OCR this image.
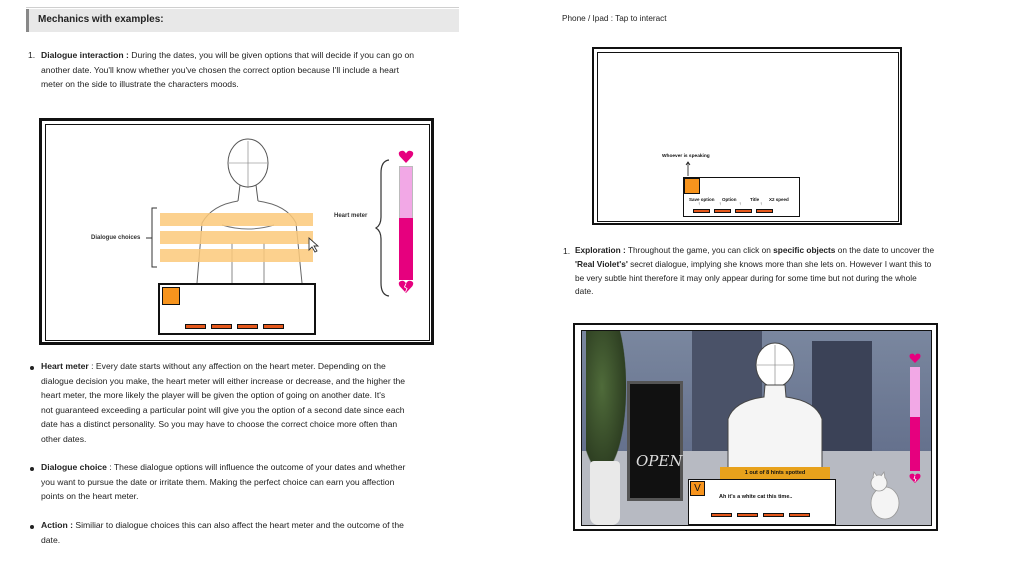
Mechanics with examples:
1. Dialogue interaction : During the dates, you will be given options that will decide if you can go on
another date. You'll know whether you've chosen the correct option because I'll include a heart
meter on the side to illustrate the characters moods.
Dialogue choices
Heart meter
Heart meter : Every date starts without any affection on the heart meter. Depending on the
dialogue decision you make, the heart meter will either increase or decrease, and the higher the
heart meter, the more likely the player will be given the option of going on another date. It's
not guaranteed exceeding a particular point will give you the option of a second date since each
date has a distinct personality. So you may have to choose the correct choice more often than
other dates.
Dialogue choice : These dialogue options will influence the outcome of your dates and whether
you want to pursue the date or irritate them. Making the perfect choice can earn you affection
points on the heart meter.
Action : Similiar to dialogue choices this can also affect the heart meter and the outcome of the
date.
Phone / Ipad : Tap to interact
Whoever is speaking
Save option Option	Title X2 speed
↑	↑	↑	↑
1. Exploration : Throughout the game, you can click on specific objects on the date to uncover the
'Real Violet's' secret dialogue, implying she knows more than she lets on. However I want this to
be very subtle hint therefore it may only appear during for some time but not during the whole
date.
OPEN
1 out of 8 hints spotted
V
Ah it's a white cat this time..
